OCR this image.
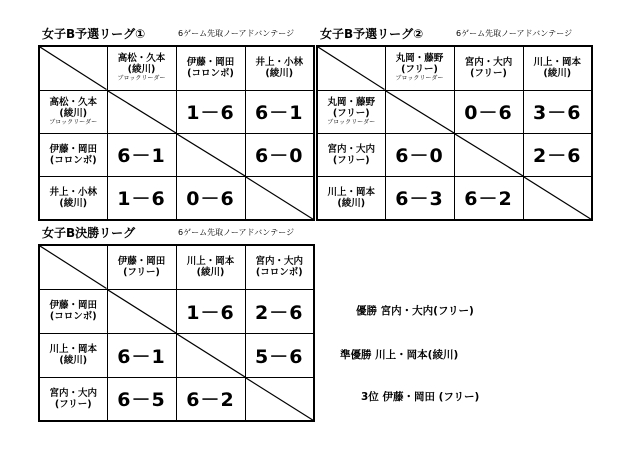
女子B予選リーグ①	6ゲーム先取ノーアドバンテージ

高松・久本
(綾川)
ブロックリーダー	伊藤・岡田
(コロンボ)	井上・小林
(綾川)

高松・久本
(綾川)
ブロックリーダー		1－6	6－1

伊藤・岡田
(コロンボ)	6－1		6－0

井上・小林
(綾川)	1－6	0－6	
女子B予選リーグ②	6ゲーム先取ノーアドバンテージ

丸岡・藤野
(フリー)
ブロックリーダー	宮内・大内
(フリー)	川上・岡本
(綾川)

丸岡・藤野
(フリー)
ブロックリーダー		0－6	3－6

宮内・大内
(フリー)	6－0		2－6

川上・岡本
(綾川)	6－3	6－2	
女子B決勝リーグ	6ゲーム先取ノーアドバンテージ

伊藤・岡田
(フリー)	川上・岡本
(綾川)	宮内・大内
(コロンボ)

伊藤・岡田
(コロンボ)		1－6	2－6

川上・岡本
(綾川)	6－1		5－6

宮内・大内
(フリー)	6－5	6－2	
優勝 宮内・大内(フリー)
準優勝 川上・岡本(綾川)
3位 伊藤・岡田 (フリー)
